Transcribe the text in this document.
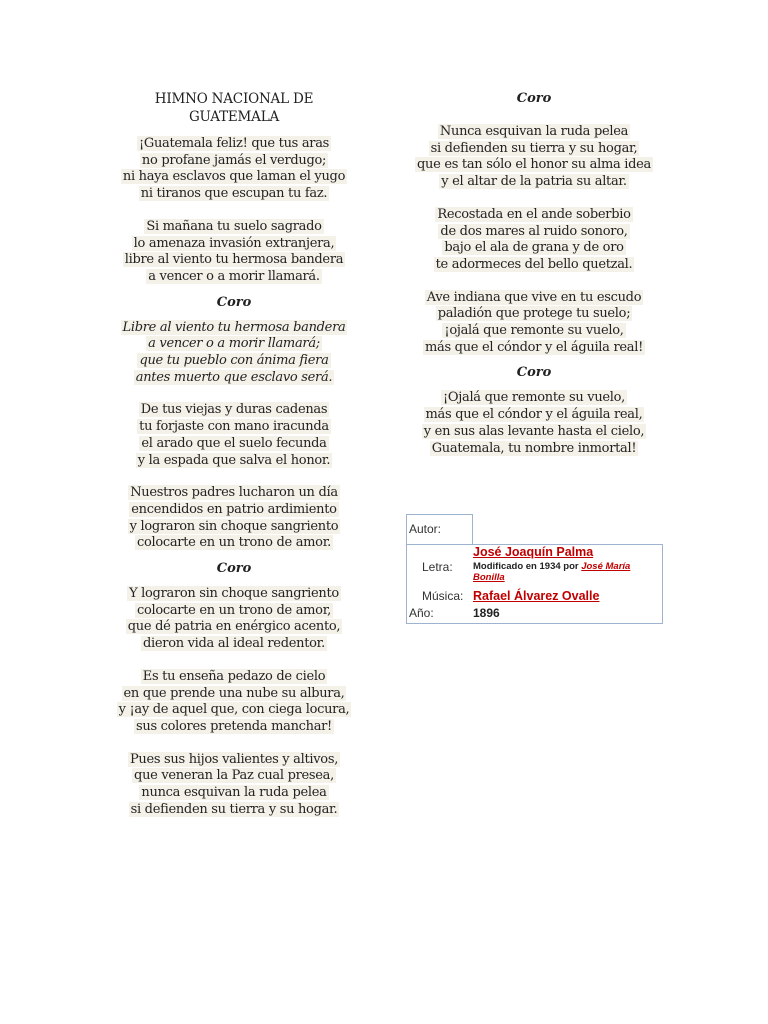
HIMNO NACIONAL DE GUATEMALA
¡Guatemala feliz! que tus aras
no profane jamás el verdugo;
ni haya esclavos que laman el yugo
ni tiranos que escupan tu faz.
Si mañana tu suelo sagrado
lo amenaza invasión extranjera,
libre al viento tu hermosa bandera
a vencer o a morir llamará.
Coro
Libre al viento tu hermosa bandera
a vencer o a morir llamará;
que tu pueblo con ánima fiera
antes muerto que esclavo será.
De tus viejas y duras cadenas
tu forjaste con mano iracunda
el arado que el suelo fecunda
y la espada que salva el honor.
Nuestros padres lucharon un día
encendidos en patrio ardimiento
y lograron sin choque sangriento
colocarte en un trono de amor.
Coro
Y lograron sin choque sangriento
colocarte en un trono de amor,
que dé patria en enérgico acento,
dieron vida al ideal redentor.
Es tu enseña pedazo de cielo
en que prende una nube su albura,
y ¡ay de aquel que, con ciega locura,
sus colores pretenda manchar!
Pues sus hijos valientes y altivos,
que veneran la Paz cual presea,
nunca esquivan la ruda pelea
si defienden su tierra y su hogar.
Coro
Nunca esquivan la ruda pelea
si defienden su tierra y su hogar,
que es tan sólo el honor su alma idea
y el altar de la patria su altar.
Recostada en el ande soberbio
de dos mares al ruido sonoro,
bajo el ala de grana y de oro
te adormeces del bello quetzal.
Ave indiana que vive en tu escudo
paladión que protege tu suelo;
¡ojalá que remonte su vuelo,
más que el cóndor y el águila real!
Coro
¡Ojalá que remonte su vuelo,
más que el cóndor y el águila real,
y en sus alas levante hasta el cielo,
Guatemala, tu nombre inmortal!
Autor:
Letra:
José Joaquín Palma
Modificado en 1934 por José María Bonilla
Música: Rafael Álvarez Ovalle
Año:	1896
